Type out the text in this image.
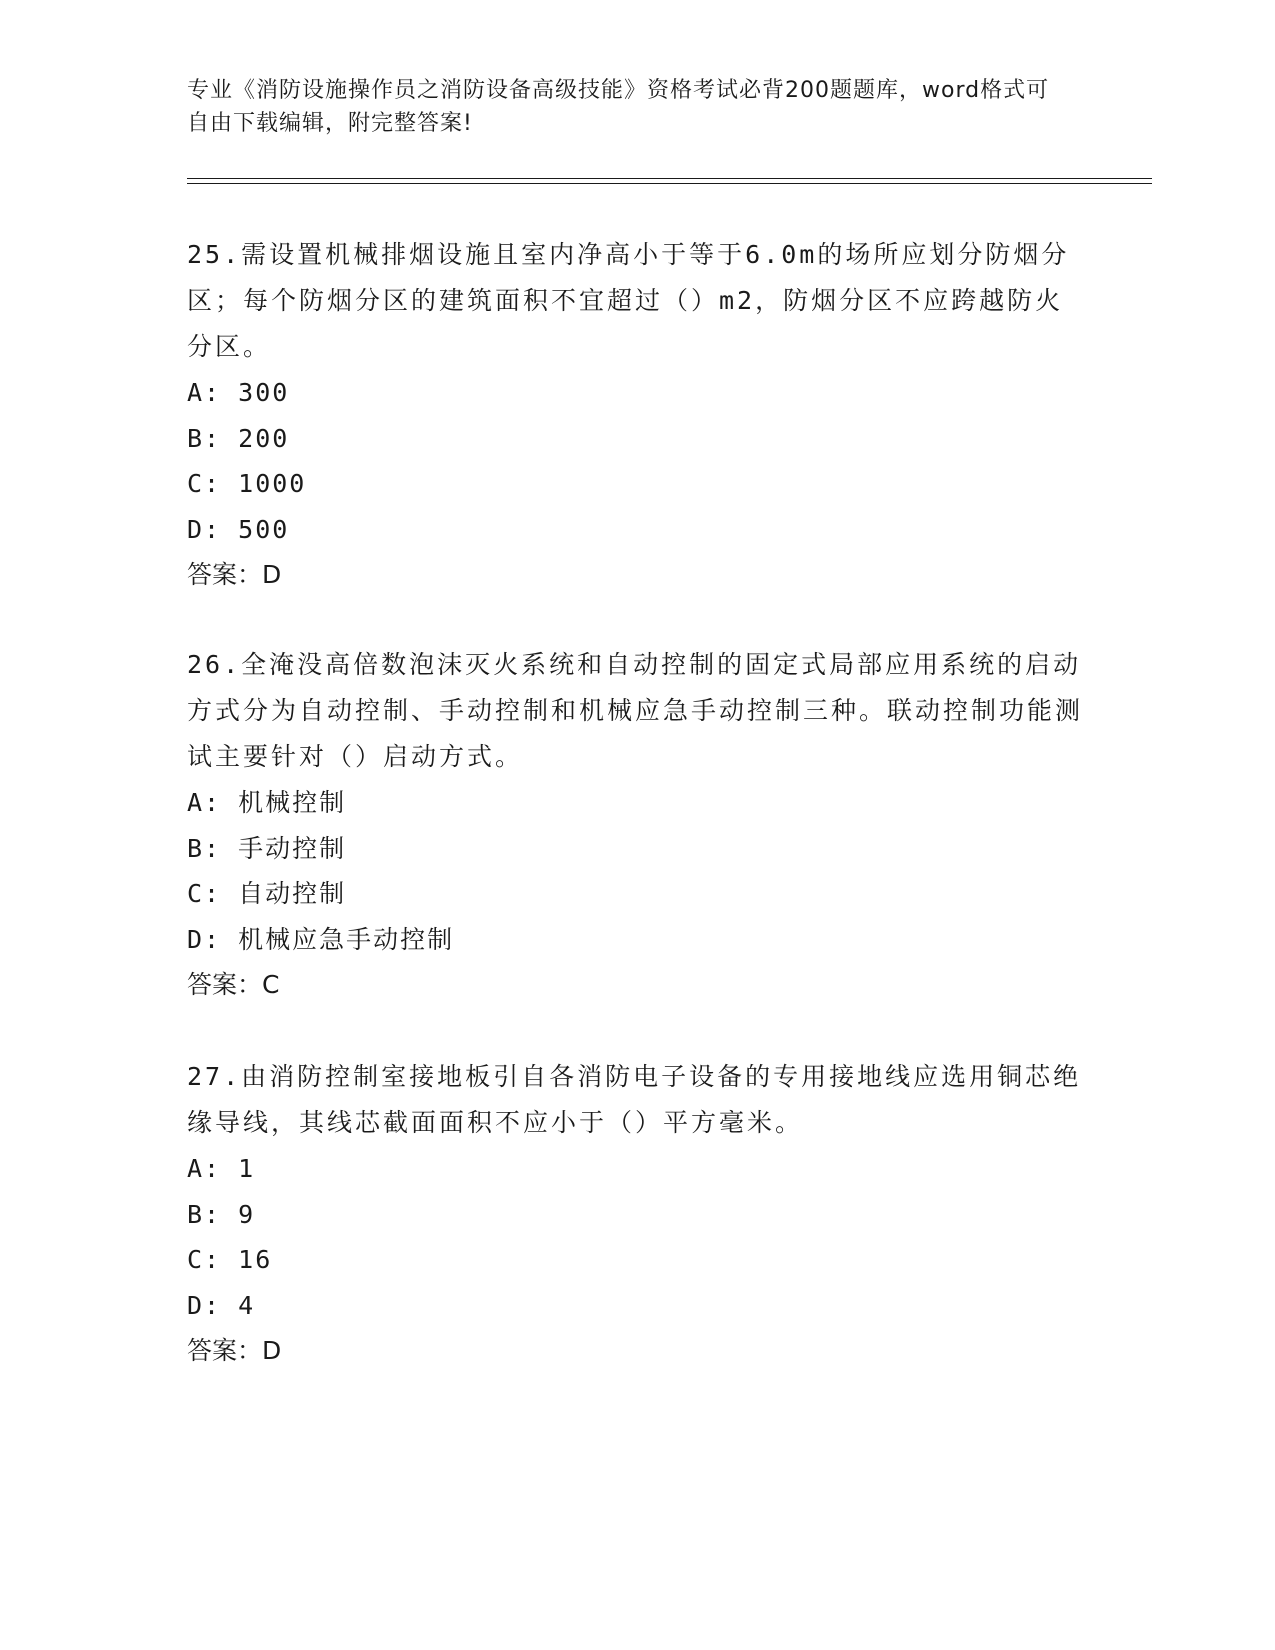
专业《消防设施操作员之消防设备高级技能》资格考试必背200题题库，word格式可自由下载编辑，附完整答案!

25.需设置机械排烟设施且室内净高小于等于6.0m的场所应划分防烟分区；每个防烟分区的建筑面积不宜超过（）m2，防烟分区不应跨越防火分区。

A: 300

B: 200

C: 1000

D: 500

答案：D

26.全淹没高倍数泡沫灭火系统和自动控制的固定式局部应用系统的启动方式分为自动控制、手动控制和机械应急手动控制三种。联动控制功能测试主要针对（）启动方式。

A: 机械控制

B: 手动控制

C: 自动控制

D: 机械应急手动控制

答案：C

27.由消防控制室接地板引自各消防电子设备的专用接地线应选用铜芯绝缘导线，其线芯截面面积不应小于（）平方毫米。

A: 1

B: 9

C: 16

D: 4

答案：D
